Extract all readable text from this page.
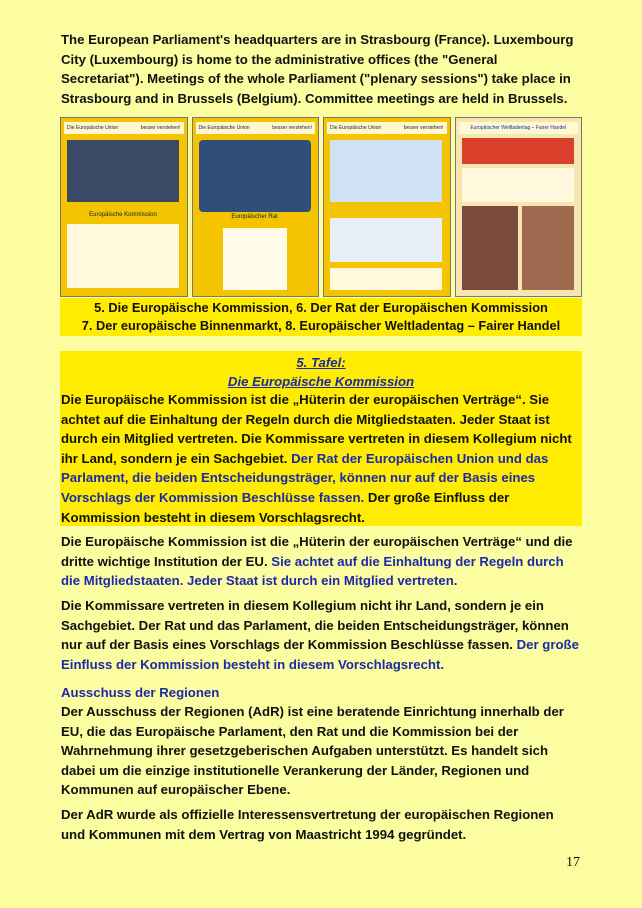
The European Parliament's headquarters are in Strasbourg (France). Luxembourg City (Luxembourg) is home to the administrative offices (the "General Secretariat"). Meetings of the whole Parliament ("plenary sessions") take place in Strasbourg and in Brussels (Belgium). Committee meetings are held in Brussels.
Die Europäische Union	besser verstehen!
Europäische Kommission
Die Europäische Union	besser verstehen!
Europäischer Rat
Die Europäische Union	besser verstehen!	Europäischer Weltladentag – Fairer Handel
5. Die Europäische Kommission, 6. Der Rat der Europäischen Kommission
7. Der europäische Binnenmarkt, 8. Europäischer Weltladentag – Fairer Handel
5. Tafel:
Die Europäische Kommission
Die Europäische Kommission ist die „Hüterin der europäischen Verträge“. Sie achtet auf die Einhaltung der Regeln durch die Mitgliedstaaten. Jeder Staat ist durch ein Mitglied vertreten. Die Kommissare vertreten in diesem Kollegium nicht ihr Land, sondern je ein Sachgebiet. Der Rat der Europäischen Union und das Parlament, die beiden Entscheidungsträger, können nur auf der Basis eines Vorschlags der Kommission Beschlüsse fassen. Der große Einfluss der Kommission besteht in diesem Vorschlagsrecht.
Die Europäische Kommission ist die „Hüterin der europäischen Verträge“ und die dritte wichtige Institution der EU. Sie achtet auf die Einhaltung der Regeln durch die Mitgliedstaaten. Jeder Staat ist durch ein Mitglied vertreten.
Die Kommissare vertreten in diesem Kollegium nicht ihr Land, sondern je ein Sachgebiet. Der Rat und das Parlament, die beiden Entscheidungsträger, können nur auf der Basis eines Vorschlags der Kommission Beschlüsse fassen. Der große Einfluss der Kommission besteht in diesem Vorschlagsrecht.
Ausschuss der Regionen
Der Ausschuss der Regionen (AdR) ist eine beratende Einrichtung innerhalb der EU, die das Europäische Parlament, den Rat und die Kommission bei der Wahrnehmung ihrer gesetzgeberischen Aufgaben unterstützt. Es handelt sich dabei um die einzige institutionelle Verankerung der Länder, Regionen und Kommunen auf europäischer Ebene.
Der AdR wurde als offizielle Interessensvertretung der europäischen Regionen und Kommunen mit dem Vertrag von Maastricht 1994 gegründet.
17
